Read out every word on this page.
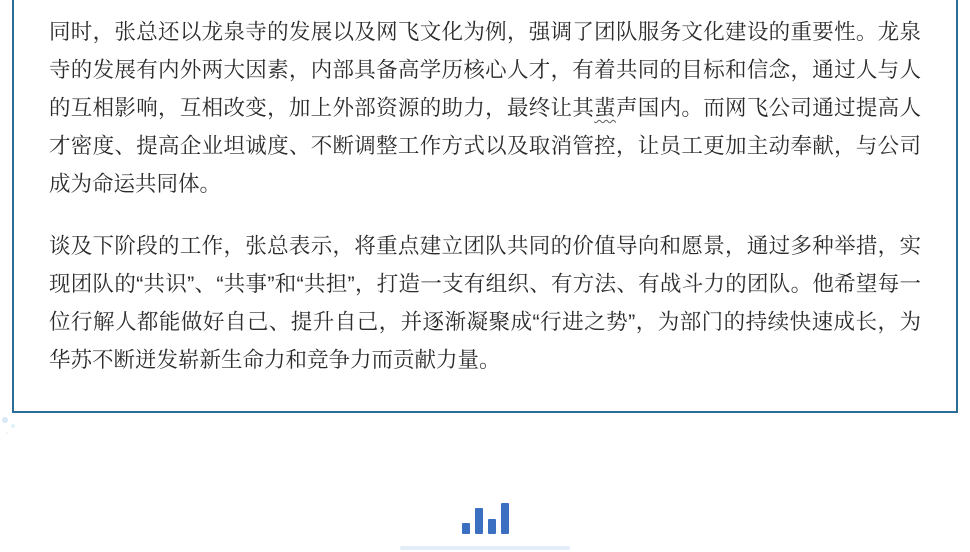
同时，张总还以龙泉寺的发展以及网飞文化为例，强调了团队服务文化建设的重要性。龙泉寺的发展有内外两大因素，内部具备高学历核心人才，有着共同的目标和信念，通过人与人的互相影响，互相改变，加上外部资源的助力，最终让其蜚声国内。而网飞公司通过提高人才密度、提高企业坦诚度、不断调整工作方式以及取消管控，让员工更加主动奉献，与公司成为命运共同体。

谈及下阶段的工作，张总表示，将重点建立团队共同的价值导向和愿景，通过多种举措，实现团队的“共识”、“共事”和“共担”，打造一支有组织、有方法、有战斗力的团队。他希望每一位行解人都能做好自己、提升自己，并逐渐凝聚成“行进之势”，为部门的持续快速成长，为华苏不断迸发崭新生命力和竞争力而贡献力量。
